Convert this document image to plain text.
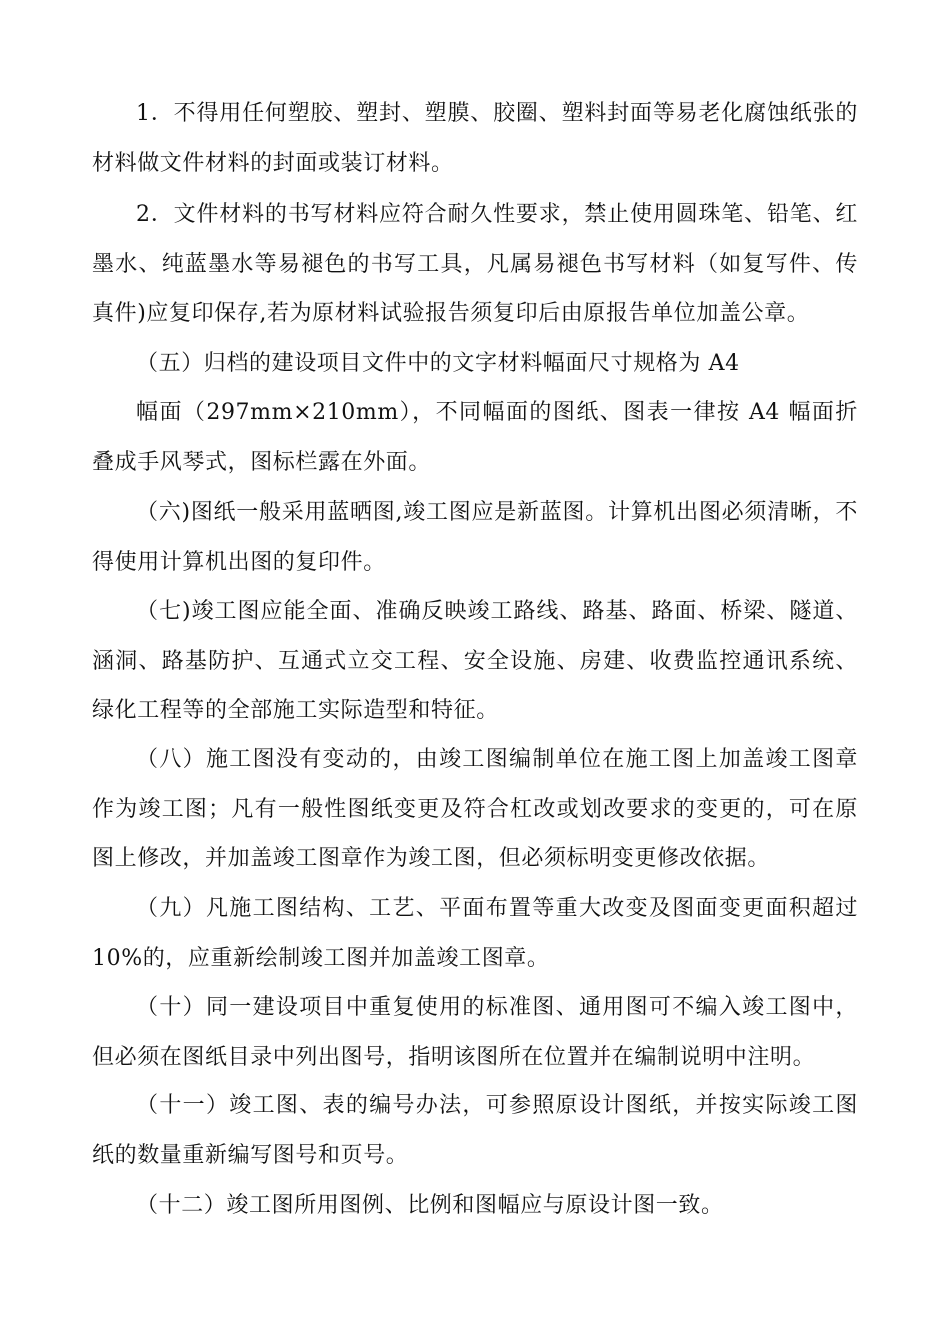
1．不得用任何塑胶、塑封、塑膜、胶圈、塑料封面等易老化腐蚀纸张的材料做文件材料的封面或装订材料。

2．文件材料的书写材料应符合耐久性要求，禁止使用圆珠笔、铅笔、红墨水、纯蓝墨水等易褪色的书写工具，凡属易褪色书写材料（如复写件、传真件)应复印保存,若为原材料试验报告须复印后由原报告单位加盖公章。

（五）归档的建设项目文件中的文字材料幅面尺寸规格为 A4

幅面（297mm×210mm），不同幅面的图纸、图表一律按 A4 幅面折叠成手风琴式，图标栏露在外面。

（六)图纸一般采用蓝晒图,竣工图应是新蓝图。计算机出图必须清晰，不得使用计算机出图的复印件。

（七)竣工图应能全面、准确反映竣工路线、路基、路面、桥梁、隧道、涵洞、路基防护、互通式立交工程、安全设施、房建、收费监控通讯系统、绿化工程等的全部施工实际造型和特征。

（八）施工图没有变动的，由竣工图编制单位在施工图上加盖竣工图章作为竣工图；凡有一般性图纸变更及符合杠改或划改要求的变更的，可在原图上修改，并加盖竣工图章作为竣工图，但必须标明变更修改依据。

（九）凡施工图结构、工艺、平面布置等重大改变及图面变更面积超过 10%的，应重新绘制竣工图并加盖竣工图章。

（十）同一建设项目中重复使用的标准图、通用图可不编入竣工图中，但必须在图纸目录中列出图号，指明该图所在位置并在编制说明中注明。

（十一）竣工图、表的编号办法，可参照原设计图纸，并按实际竣工图纸的数量重新编写图号和页号。

（十二）竣工图所用图例、比例和图幅应与原设计图一致。
